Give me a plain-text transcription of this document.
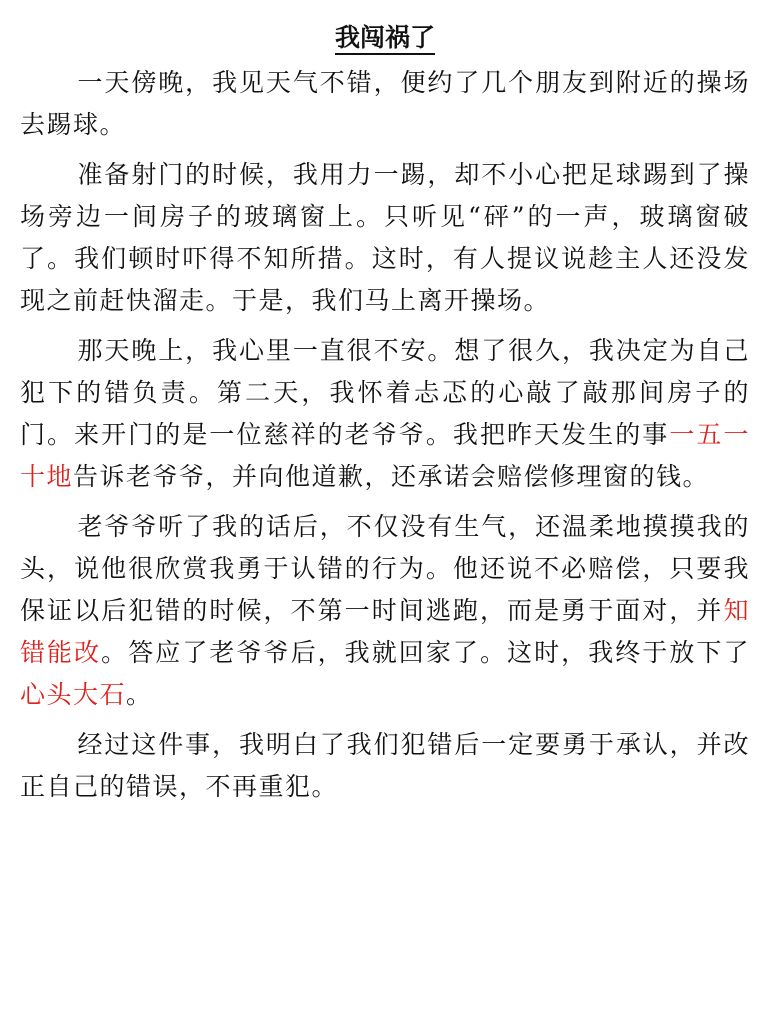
我闯祸了

一天傍晚，我见天气不错，便约了几个朋友到附近的操场去踢球。

准备射门的时候，我用力一踢，却不小心把足球踢到了操场旁边一间房子的玻璃窗上。只听见“砰”的一声，玻璃窗破了。我们顿时吓得不知所措。这时，有人提议说趁主人还没发现之前赶快溜走。于是，我们马上离开操场。

那天晚上，我心里一直很不安。想了很久，我决定为自己犯下的错负责。第二天，我怀着忐忑的心敲了敲那间房子的门。来开门的是一位慈祥的老爷爷。我把昨天发生的事一五一十地告诉老爷爷，并向他道歉，还承诺会赔偿修理窗的钱。

老爷爷听了我的话后，不仅没有生气，还温柔地摸摸我的头，说他很欣赏我勇于认错的行为。他还说不必赔偿，只要我保证以后犯错的时候，不第一时间逃跑，而是勇于面对，并知错能改。答应了老爷爷后，我就回家了。这时，我终于放下了心头大石。

经过这件事，我明白了我们犯错后一定要勇于承认，并改正自己的错误，不再重犯。
